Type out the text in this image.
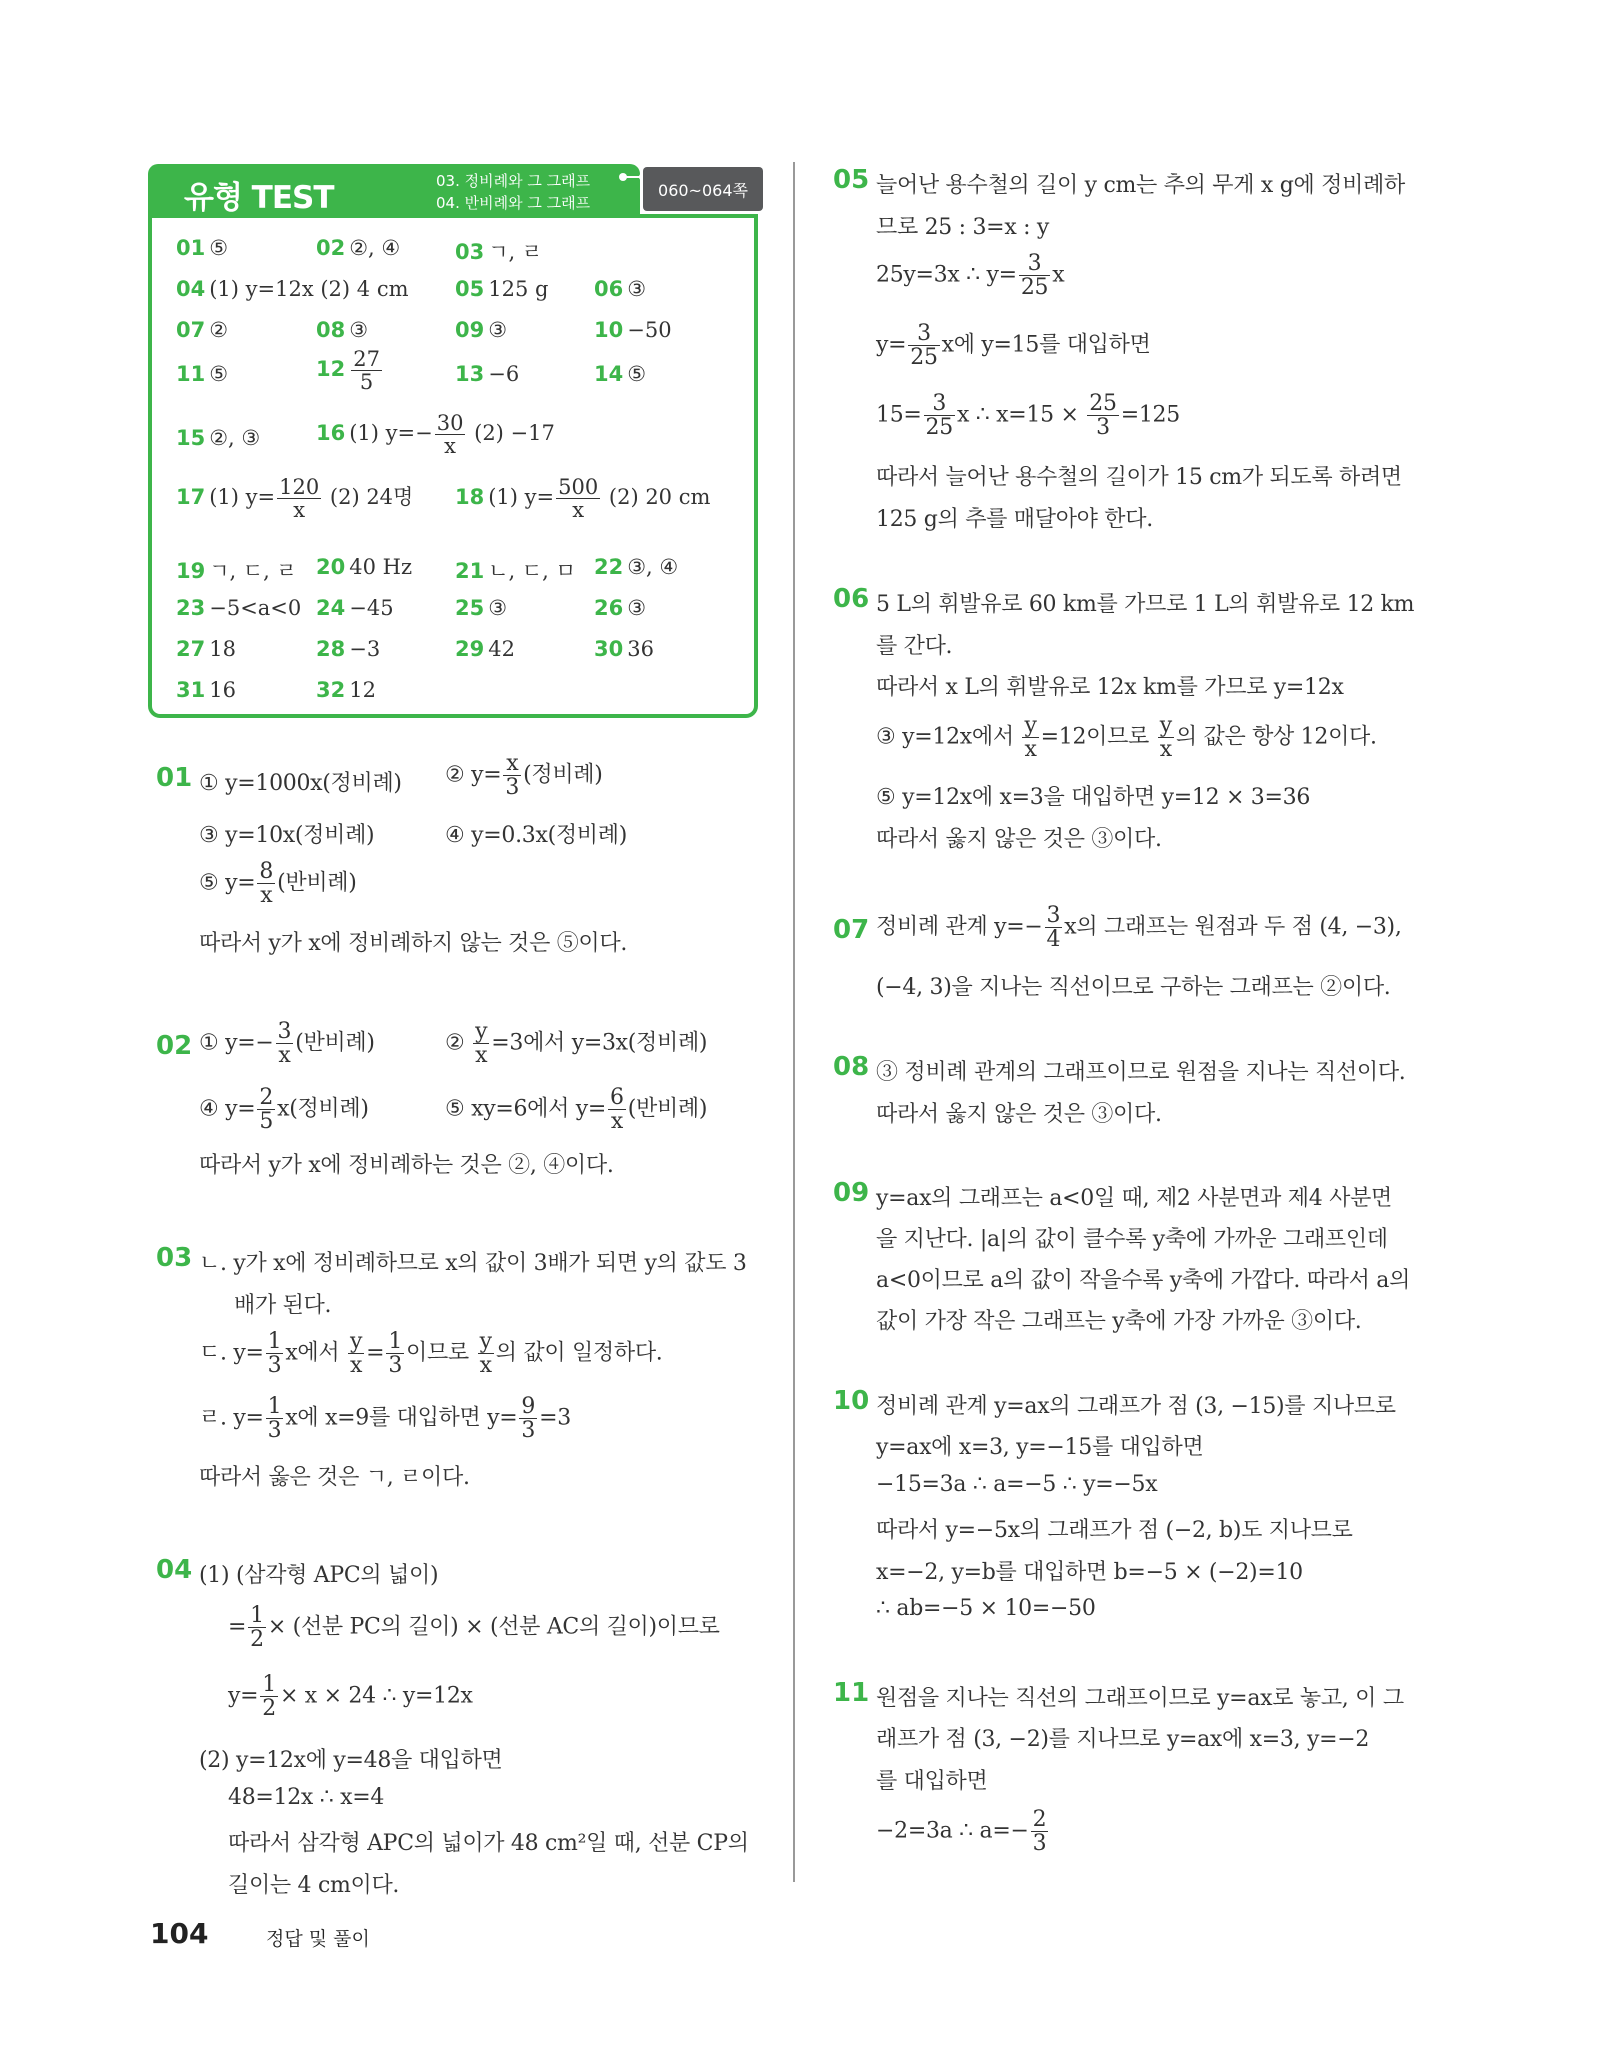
유형 TEST	03. 정비례와 그 그래프
04. 반비례와 그 그래프
060~064쪽
01 ⑤	02 ②, ④	03 ㄱ, ㄹ
04 (1) y=12x (2) 4 cm 05 125 g 06 ③
07 ②	08 ③	09 ③	10 −50
11 ⑤	$12 \frac{27}{5}$	13 −6	14 ⑤
15 ②, ③	16 (1) $y=- \frac{30}{x} (2) -17$
17 (1) $y= \frac{120}{x} (2)$ 24명 18 (1) $y= \frac{500}{x} (2)$ 20 cm
19 ㄱ, ㄷ, ㄹ 20 40 Hz 21 ㄴ, ㄷ, ㅁ 22 ③, ④
23 −5<a<0 24 −45	25 ③	26 ③
27 18	28 −3	29 42	30 36
31 16	32 12
01 ① y=1000x(정비례) ② $y= \frac{x}{3}$ (정비례)
③ y=10x(정비례)	④ y=0.3x(정비례)
⑤ $y= \frac{8}{x}$ (반비례)
따라서 y가 x에 정비례하지 않는 것은 ⑤이다.
02 ① $y=- \frac{3}{x}$ (반비례)	② $\frac{y}{x} =3$에서 y=3x(정비례)
④ $y= \frac{2}{5} x$(정비례)	⑤ xy=6에서 $y= \frac{6}{x}$ (반비례)
따라서 y가 x에 정비례하는 것은 ②, ④이다.
03 ㄴ. y가 x에 정비례하므로 x의 값이 3배가 되면 y의 값도 3
배가 된다.
ㄷ. $y= \frac{1}{3}$ x에서 $\frac{y}{x} = \frac{1}{3}$ 이므로 $\frac{y}{x}$ 의 값이 일정하다.
ㄹ. $y= \frac{1}{3}$ x에 x=9를 대입하면 $y= \frac{9}{3} =3$
따라서 옳은 것은 ㄱ, ㄹ이다.
04 (1) (삼각형 APC의 넓이)
= $\frac{1}{2}$ × (선분 PC의 길이) × (선분 AC의 길이)이므로
$y= \frac{1}{2} \times x \times 24$ ∴ y=12x
(2) y=12x에 y=48을 대입하면
48=12x ∴ x=4
따라서 삼각형 APC의 넓이가 48 cm²일 때, 선분 CP의
길이는 4 cm이다.
05 늘어난 용수철의 길이 y cm는 추의 무게 x g에 정비례하
므로 25 : 3=x : y
25y=3x ∴ $y= \frac{3}{25}$ x
$y= \frac{3}{25}$ x에 y=15를 대입하면
$15= \frac{3}{25}$ x ∴ $x=15 \times \frac{25}{3} =125$
따라서 늘어난 용수철의 길이가 15 cm가 되도록 하려면
125 g의 추를 매달아야 한다.
06 5 L의 휘발유로 60 km를 가므로 1 L의 휘발유로 12 km
를 간다.
따라서 x L의 휘발유로 12x km를 가므로 y=12x
③ y=12x에서 $\frac{y}{x} =12$이므로 $\frac{y}{x}$ 의 값은 항상 12이다.
⑤ y=12x에 x=3을 대입하면 y=12 × 3=36
따라서 옳지 않은 것은 ③이다.
07 정비례 관계 $y=- \frac{3}{4}$ x의 그래프는 원점과 두 점 (4, −3),
(−4, 3)을 지나는 직선이므로 구하는 그래프는 ②이다.
08 ③ 정비례 관계의 그래프이므로 원점을 지나는 직선이다.
따라서 옳지 않은 것은 ③이다.
09 y=ax의 그래프는 a<0일 때, 제2 사분면과 제4 사분면
을 지난다. |a|의 값이 클수록 y축에 가까운 그래프인데
a<0이므로 a의 값이 작을수록 y축에 가깝다. 따라서 a의
값이 가장 작은 그래프는 y축에 가장 가까운 ③이다.
10 정비례 관계 y=ax의 그래프가 점 (3, −15)를 지나므로
y=ax에 x=3, y=−15를 대입하면
−15=3a ∴ a=−5 ∴ y=−5x
따라서 y=−5x의 그래프가 점 (−2, b)도 지나므로
x=−2, y=b를 대입하면 b=−5 × (−2)=10
∴ ab=−5 × 10=−50
11 원점을 지나는 직선의 그래프이므로 y=ax로 놓고, 이 그
래프가 점 (3, −2)를 지나므로 y=ax에 x=3, y=−2
를 대입하면
−2=3a ∴ $a=- \frac{2}{3}$
104	정답 및 풀이
